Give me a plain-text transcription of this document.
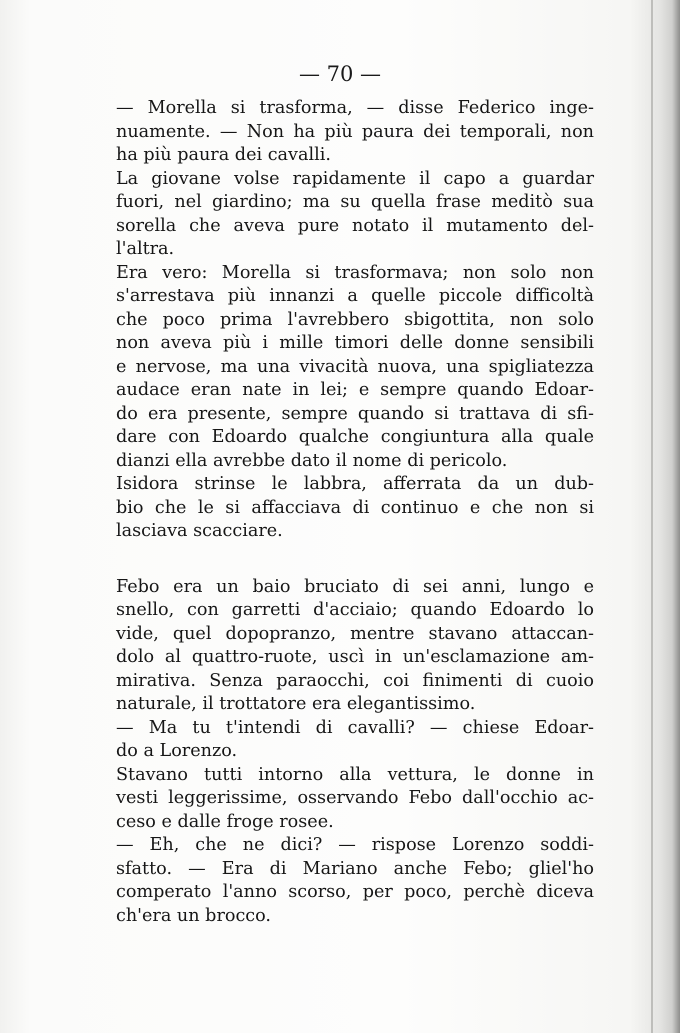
— 70 —
— Morella si trasforma, — disse Federico inge-
nuamente. — Non ha più paura dei temporali, non
ha più paura dei cavalli.
La giovane volse rapidamente il capo a guardar
fuori, nel giardino; ma su quella frase meditò sua
sorella che aveva pure notato il mutamento del-
l'altra.
Era vero: Morella si trasformava; non solo non
s'arrestava più innanzi a quelle piccole difficoltà
che poco prima l'avrebbero sbigottita, non solo
non aveva più i mille timori delle donne sensibili
e nervose, ma una vivacità nuova, una spigliatezza
audace eran nate in lei; e sempre quando Edoar-
do era presente, sempre quando si trattava di sfi-
dare con Edoardo qualche congiuntura alla quale
dianzi ella avrebbe dato il nome di pericolo.
Isidora strinse le labbra, afferrata da un dub-
bio che le si affacciava di continuo e che non si
lasciava scacciare.
Febo era un baio bruciato di sei anni, lungo e
snello, con garretti d'acciaio; quando Edoardo lo
vide, quel dopopranzo, mentre stavano attaccan-
dolo al quattro-ruote, uscì in un'esclamazione am-
mirativa. Senza paraocchi, coi finimenti di cuoio
naturale, il trottatore era elegantissimo.
— Ma tu t'intendi di cavalli? — chiese Edoar-
do a Lorenzo.
Stavano tutti intorno alla vettura, le donne in
vesti leggerissime, osservando Febo dall'occhio ac-
ceso e dalle froge rosee.
— Eh, che ne dici? — rispose Lorenzo soddi-
sfatto. — Era di Mariano anche Febo; gliel'ho
comperato l'anno scorso, per poco, perchè diceva
ch'era un brocco.
